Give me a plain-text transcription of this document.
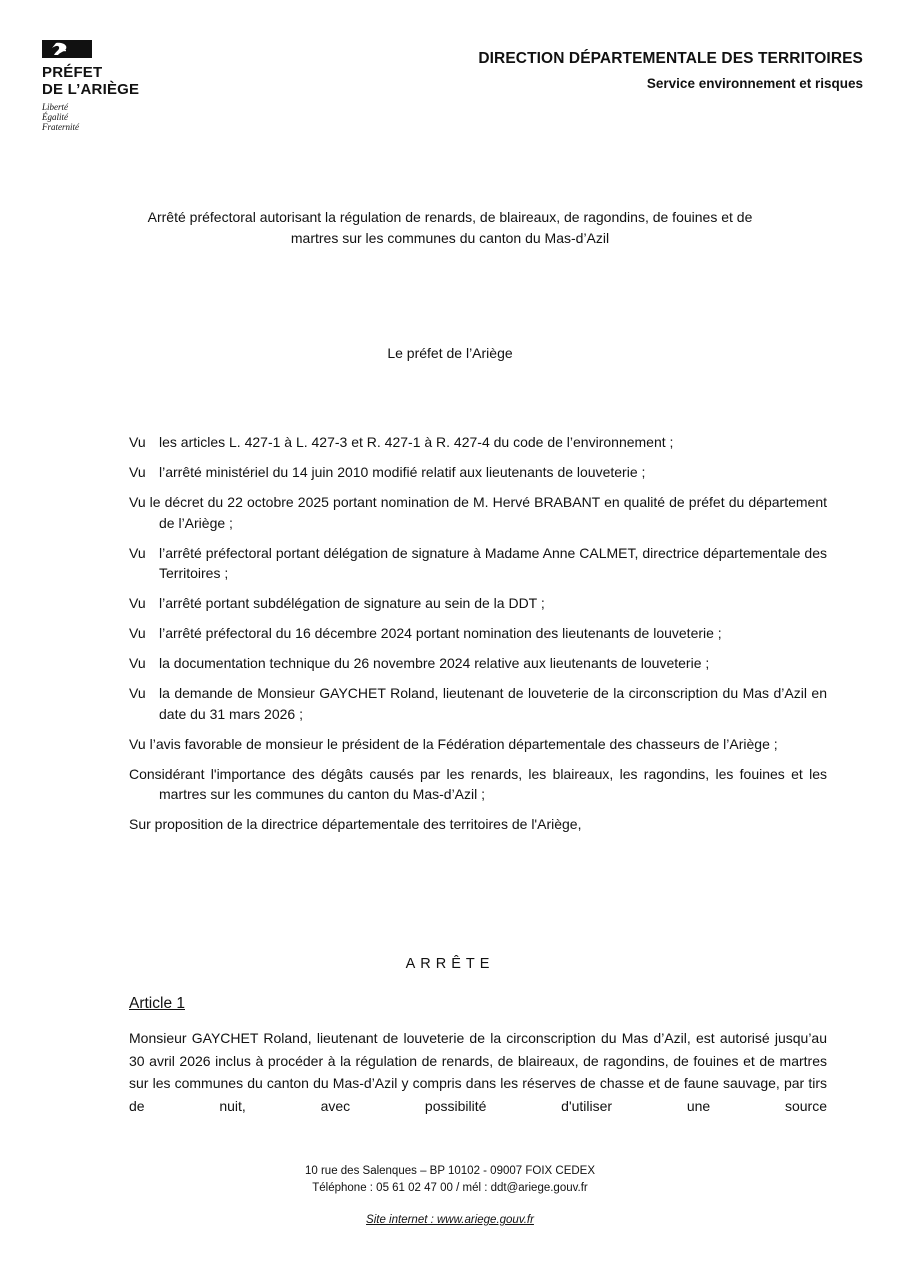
PRÉFET
DE L’ARIÈGE
Liberté
Égalité
Fraternité
DIRECTION DÉPARTEMENTALE DES TERRITOIRES
Service environnement et risques
Arrêté préfectoral autorisant la régulation de renards, de blaireaux, de ragondins, de fouines et de
martres sur les communes du canton du Mas-d’Azil
Le préfet de l’Ariège
Vu les articles L. 427-1 à L. 427-3 et R. 427-1 à R. 427-4 du code de l’environnement ;
Vu l’arrêté ministériel du 14 juin 2010 modifié relatif aux lieutenants de louveterie ;
Vu le décret du 22 octobre 2025 portant nomination de M. Hervé BRABANT en qualité de préfet du département de l’Ariège ;
Vu l’arrêté préfectoral portant délégation de signature à Madame Anne CALMET, directrice départementale des Territoires ;
Vu l’arrêté portant subdélégation de signature au sein de la DDT ;
Vu l’arrêté préfectoral du 16 décembre 2024 portant nomination des lieutenants de louveterie ;
Vu la documentation technique du 26 novembre 2024 relative aux lieutenants de louveterie ;
Vu la demande de Monsieur GAYCHET Roland, lieutenant de louveterie de la circonscription du Mas d’Azil en date du 31 mars 2026 ;
Vu l’avis favorable de monsieur le président de la Fédération départementale des chasseurs de l’Ariège ;
Considérant l'importance des dégâts causés par les renards, les blaireaux, les ragondins, les fouines et les martres sur les communes du canton du Mas-d’Azil ;
Sur proposition de la directrice départementale des territoires de l'Ariège,
ARRÊTE
Article 1
Monsieur GAYCHET Roland, lieutenant de louveterie de la circonscription du Mas d’Azil, est autorisé jusqu’au 30 avril 2026 inclus à procéder à la régulation de renards, de blaireaux, de ragondins, de fouines et de martres sur les communes du canton du Mas-d’Azil y compris dans les réserves de chasse et de faune sauvage, par tirs de nuit, avec possibilité d'utiliser une source
10 rue des Salenques – BP 10102 - 09007 FOIX CEDEX
Téléphone : 05 61 02 47 00 / mél : ddt@ariege.gouv.fr
Site internet : www.ariege.gouv.fr
